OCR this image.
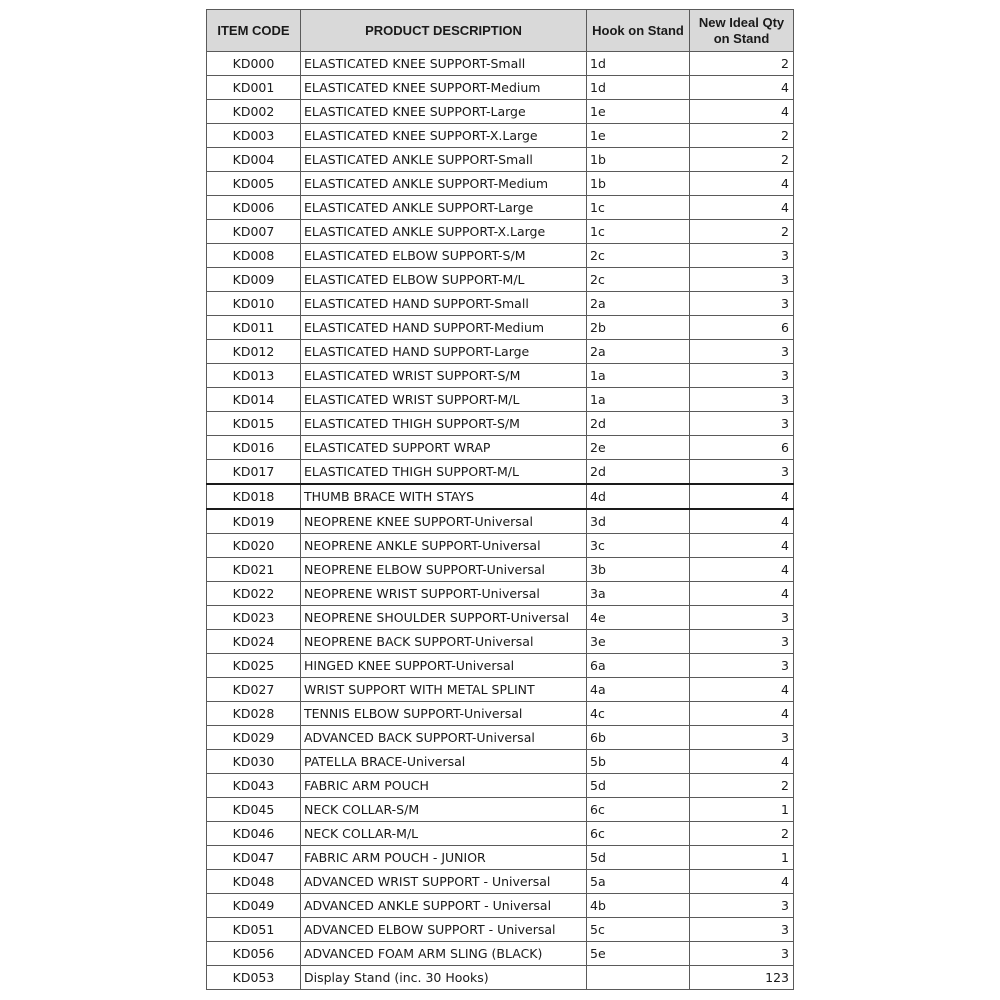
ITEM CODE	PRODUCT DESCRIPTION	Hook on Stand	New Ideal Qty on Stand
KD000	ELASTICATED KNEE SUPPORT-Small	1d	2
KD001	ELASTICATED KNEE SUPPORT-Medium	1d	4
KD002	ELASTICATED KNEE SUPPORT-Large	1e	4
KD003	ELASTICATED KNEE SUPPORT-X.Large	1e	2
KD004	ELASTICATED ANKLE SUPPORT-Small	1b	2
KD005	ELASTICATED ANKLE SUPPORT-Medium	1b	4
KD006	ELASTICATED ANKLE SUPPORT-Large	1c	4
KD007	ELASTICATED ANKLE SUPPORT-X.Large	1c	2
KD008	ELASTICATED ELBOW SUPPORT-S/M	2c	3
KD009	ELASTICATED ELBOW SUPPORT-M/L	2c	3
KD010	ELASTICATED HAND SUPPORT-Small	2a	3
KD011	ELASTICATED HAND SUPPORT-Medium	2b	6
KD012	ELASTICATED HAND SUPPORT-Large	2a	3
KD013	ELASTICATED WRIST SUPPORT-S/M	1a	3
KD014	ELASTICATED WRIST SUPPORT-M/L	1a	3
KD015	ELASTICATED THIGH SUPPORT-S/M	2d	3
KD016	ELASTICATED SUPPORT WRAP	2e	6
KD017	ELASTICATED THIGH SUPPORT-M/L	2d	3
KD018	THUMB BRACE WITH STAYS	4d	4
KD019	NEOPRENE KNEE SUPPORT-Universal	3d	4
KD020	NEOPRENE ANKLE SUPPORT-Universal	3c	4
KD021	NEOPRENE ELBOW SUPPORT-Universal	3b	4
KD022	NEOPRENE WRIST SUPPORT-Universal	3a	4
KD023	NEOPRENE SHOULDER SUPPORT-Universal	4e	3
KD024	NEOPRENE BACK SUPPORT-Universal	3e	3
KD025	HINGED KNEE SUPPORT-Universal	6a	3
KD027	WRIST SUPPORT WITH METAL SPLINT	4a	4
KD028	TENNIS ELBOW SUPPORT-Universal	4c	4
KD029	ADVANCED BACK SUPPORT-Universal	6b	3
KD030	PATELLA BRACE-Universal	5b	4
KD043	FABRIC ARM POUCH	5d	2
KD045	NECK COLLAR-S/M	6c	1
KD046	NECK COLLAR-M/L	6c	2
KD047	FABRIC ARM POUCH - JUNIOR	5d	1
KD048	ADVANCED WRIST SUPPORT - Universal	5a	4
KD049	ADVANCED ANKLE SUPPORT - Universal	4b	3
KD051	ADVANCED ELBOW SUPPORT - Universal	5c	3
KD056	ADVANCED FOAM ARM SLING (BLACK)	5e	3
KD053	Display Stand (inc. 30 Hooks)		123
